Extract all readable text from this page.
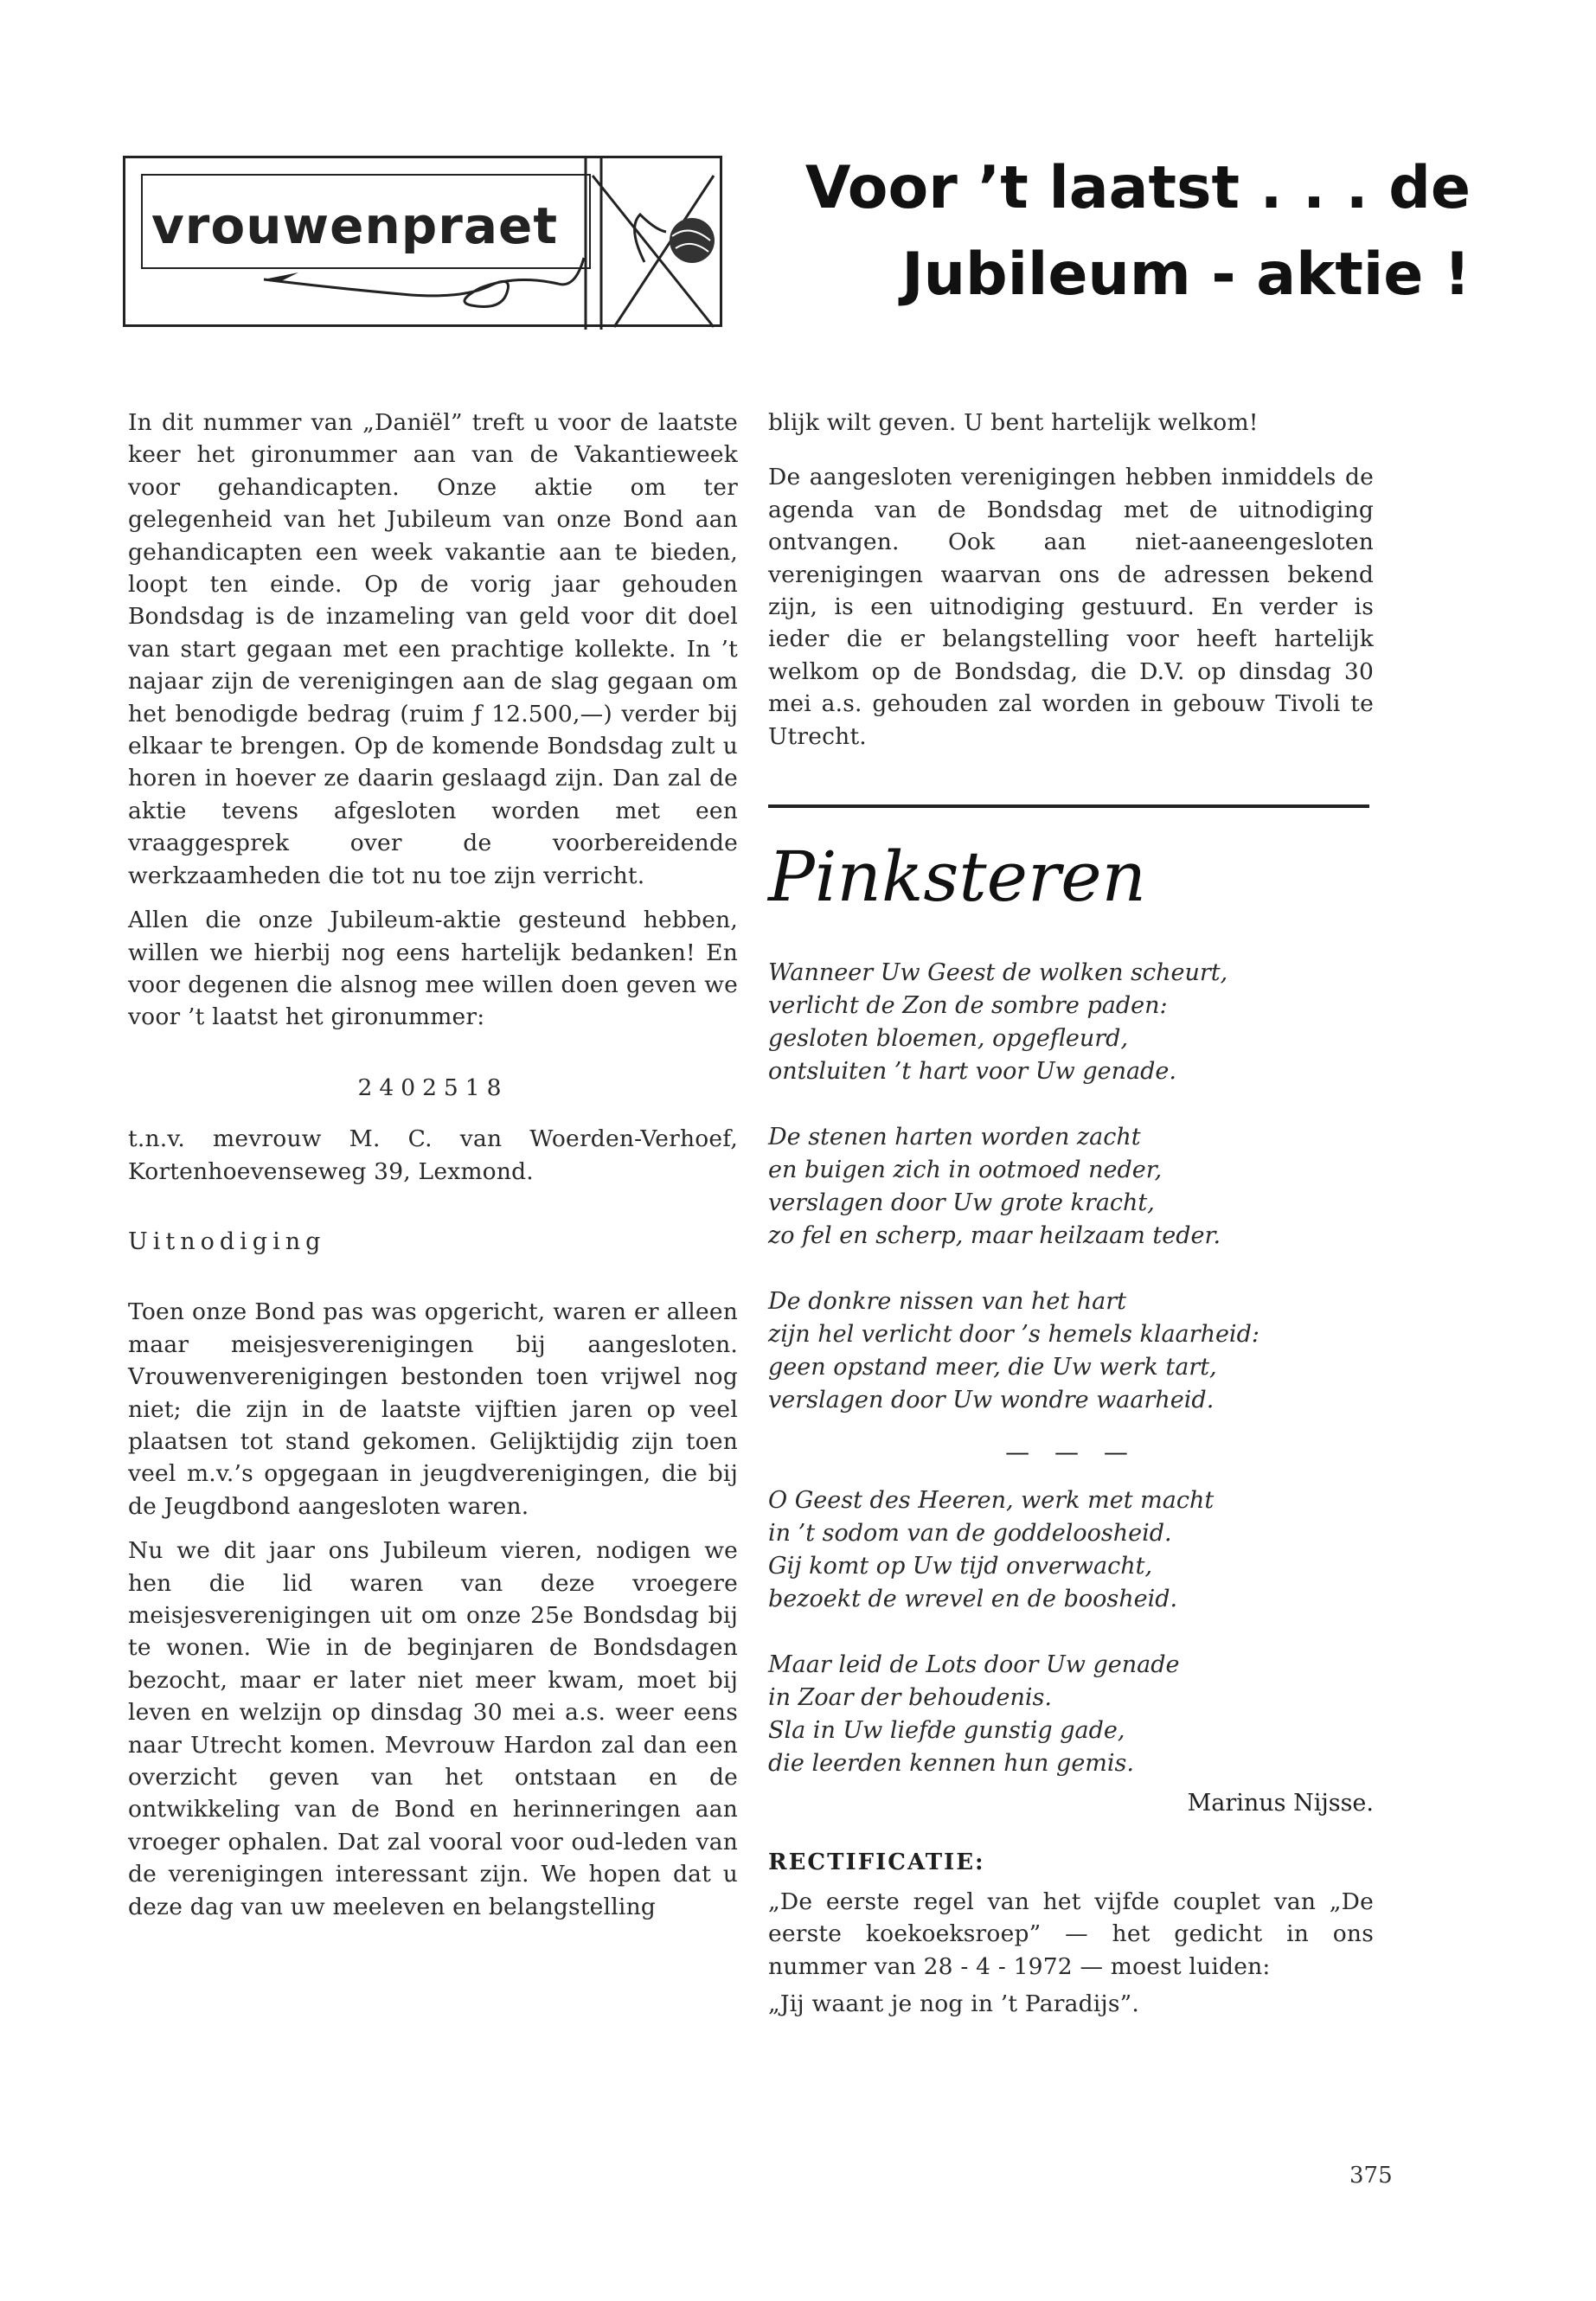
vrouwenpraet
Voor ’t laatst . . . de
Jubileum - aktie !

In dit nummer van „Daniël” treft u voor de laatste keer het gironummer aan van de Vakantieweek voor gehandicapten. Onze aktie om ter gelegenheid van het Jubileum van onze Bond aan gehandicapten een week vakantie aan te bieden, loopt ten einde. Op de vorig jaar gehouden Bondsdag is de inzameling van geld voor dit doel van start gegaan met een prachtige kollekte. In ’t najaar zijn de verenigingen aan de slag gegaan om het benodigde bedrag (ruim ƒ 12.500,—) verder bij elkaar te brengen. Op de komende Bondsdag zult u horen in hoever ze daarin geslaagd zijn. Dan zal de aktie tevens afgesloten worden met een vraaggesprek over de voorbereidende werkzaamheden die tot nu toe zijn verricht.

Allen die onze Jubileum-aktie gesteund hebben, willen we hierbij nog eens hartelijk bedanken! En voor degenen die alsnog mee willen doen geven we voor ’t laatst het gironummer:

2402518

t.n.v. mevrouw M. C. van Woerden-Verhoef, Kortenhoevenseweg 39, Lexmond.

Uitnodiging

Toen onze Bond pas was opgericht, waren er alleen maar meisjesverenigingen bij aangesloten. Vrouwenverenigingen bestonden toen vrijwel nog niet; die zijn in de laatste vijftien jaren op veel plaatsen tot stand gekomen. Gelijktijdig zijn toen veel m.v.’s opgegaan in jeugdverenigingen, die bij de Jeugdbond aangesloten waren.

Nu we dit jaar ons Jubileum vieren, nodigen we hen die lid waren van deze vroegere meisjesverenigingen uit om onze 25e Bondsdag bij te wonen. Wie in de beginjaren de Bondsdagen bezocht, maar er later niet meer kwam, moet bij leven en welzijn op dinsdag 30 mei a.s. weer eens naar Utrecht komen. Mevrouw Hardon zal dan een overzicht geven van het ontstaan en de ontwikkeling van de Bond en herinneringen aan vroeger ophalen. Dat zal vooral voor oud-leden van de verenigingen interessant zijn. We hopen dat u deze dag van uw meeleven en belangstelling

blijk wilt geven. U bent hartelijk welkom!

De aangesloten verenigingen hebben inmiddels de agenda van de Bondsdag met de uitnodiging ontvangen. Ook aan niet-aaneengesloten verenigingen waarvan ons de adressen bekend zijn, is een uitnodiging gestuurd. En verder is ieder die er belangstelling voor heeft hartelijk welkom op de Bondsdag, die D.V. op dinsdag 30 mei a.s. gehouden zal worden in gebouw Tivoli te Utrecht.

Pinksteren
Wanneer Uw Geest de wolken scheurt,
verlicht de Zon de sombre paden:
gesloten bloemen, opgefleurd,
ontsluiten ’t hart voor Uw genade.
De stenen harten worden zacht
en buigen zich in ootmoed neder,
verslagen door Uw grote kracht,
zo fel en scherp, maar heilzaam teder.
De donkre nissen van het hart
zijn hel verlicht door ’s hemels klaarheid:
geen opstand meer, die Uw werk tart,
verslagen door Uw wondre waarheid.
— — —
O Geest des Heeren, werk met macht
in ’t sodom van de goddeloosheid.
Gij komt op Uw tijd onverwacht,
bezoekt de wrevel en de boosheid.
Maar leid de Lots door Uw genade
in Zoar der behoudenis.
Sla in Uw liefde gunstig gade,
die leerden kennen hun gemis.
Marinus Nijsse.
RECTIFICATIE:

„De eerste regel van het vijfde couplet van „De eerste koekoeksroep” — het gedicht in ons nummer van 28 - 4 - 1972 — moest luiden:

„Jij waant je nog in ’t Paradijs”.

375
